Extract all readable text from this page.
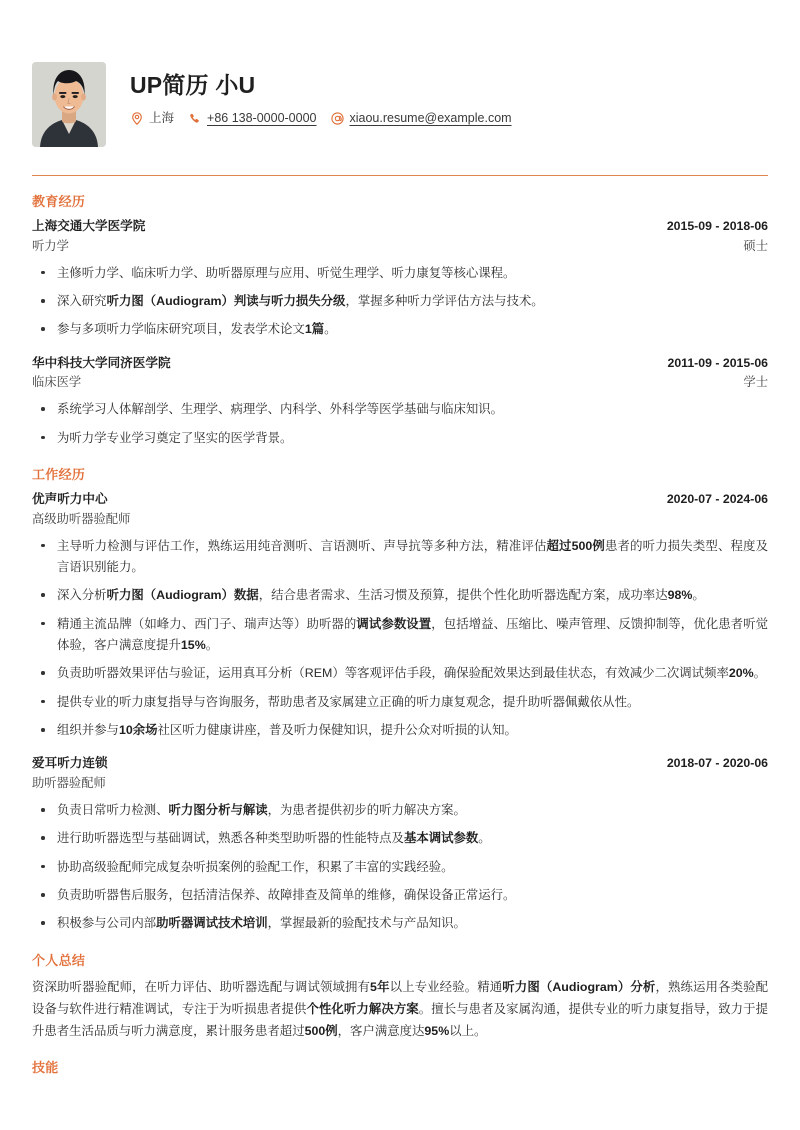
UP简历 小U
上海	+86 138-0000-0000	xiaou.resume@example.com
教育经历
上海交通大学医学院	2015-09 - 2018-06
听力学	硕士
主修听力学、临床听力学、助听器原理与应用、听觉生理学、听力康复等核心课程。
深入研究听力图（Audiogram）判读与听力损失分级，掌握多种听力学评估方法与技术。
参与多项听力学临床研究项目，发表学术论文1篇。
华中科技大学同济医学院	2011-09 - 2015-06
临床医学	学士
系统学习人体解剖学、生理学、病理学、内科学、外科学等医学基础与临床知识。
为听力学专业学习奠定了坚实的医学背景。
工作经历
优声听力中心	2020-07 - 2024-06
高级助听器验配师
主导听力检测与评估工作，熟练运用纯音测听、言语测听、声导抗等多种方法，精准评估超过500例患者的听力损失类型、程度及言语识别能力。
深入分析听力图（Audiogram）数据，结合患者需求、生活习惯及预算，提供个性化助听器选配方案，成功率达98%。
精通主流品牌（如峰力、西门子、瑞声达等）助听器的调试参数设置，包括增益、压缩比、噪声管理、反馈抑制等，优化患者听觉体验，客户满意度提升15%。
负责助听器效果评估与验证，运用真耳分析（REM）等客观评估手段，确保验配效果达到最佳状态，有效减少二次调试频率20%。
提供专业的听力康复指导与咨询服务，帮助患者及家属建立正确的听力康复观念，提升助听器佩戴依从性。
组织并参与10余场社区听力健康讲座，普及听力保健知识，提升公众对听损的认知。
爱耳听力连锁	2018-07 - 2020-06
助听器验配师
负责日常听力检测、听力图分析与解读，为患者提供初步的听力解决方案。
进行助听器选型与基础调试，熟悉各种类型助听器的性能特点及基本调试参数。
协助高级验配师完成复杂听损案例的验配工作，积累了丰富的实践经验。
负责助听器售后服务，包括清洁保养、故障排查及简单的维修，确保设备正常运行。
积极参与公司内部助听器调试技术培训，掌握最新的验配技术与产品知识。
个人总结

资深助听器验配师，在听力评估、助听器选配与调试领域拥有5年以上专业经验。精通听力图（Audiogram）分析，熟练运用各类验配设备与软件进行精准调试，专注于为听损患者提供个性化听力解决方案。擅长与患者及家属沟通，提供专业的听力康复指导，致力于提升患者生活品质与听力满意度，累计服务患者超过500例，客户满意度达95%以上。

技能
